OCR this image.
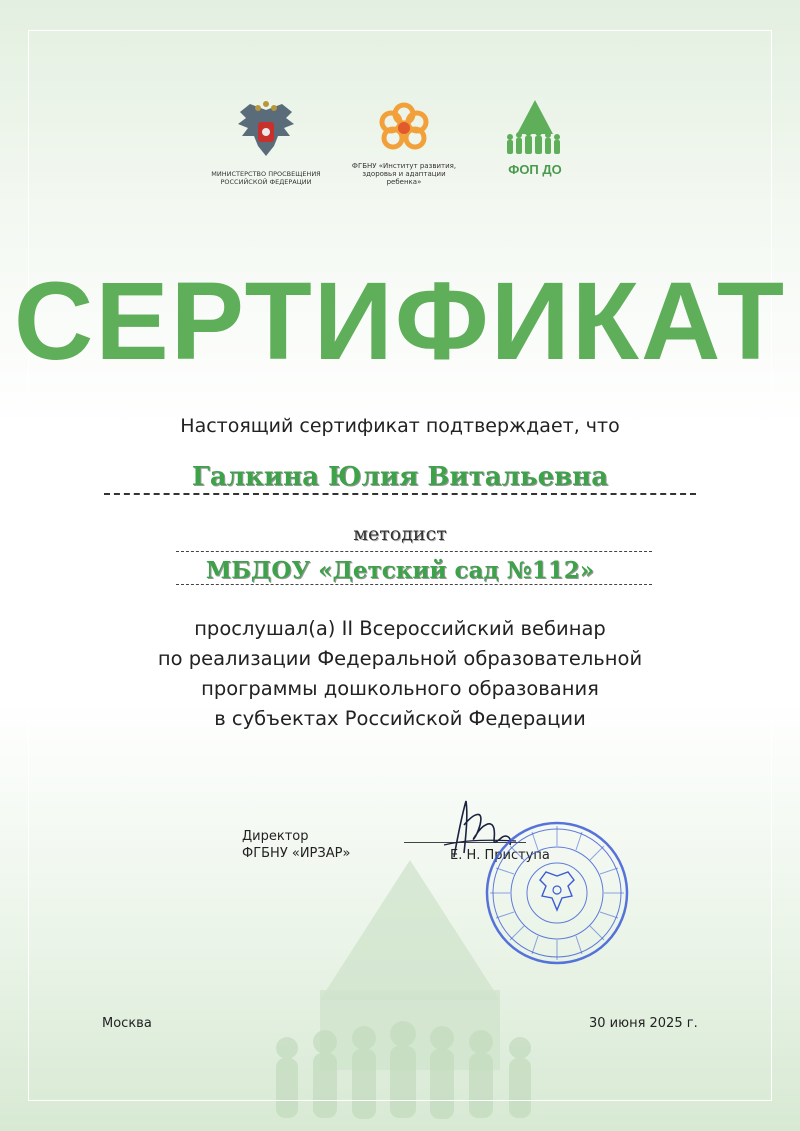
МИНИСТЕРСТВО ПРОСВЕЩЕНИЯ
РОССИЙСКОЙ ФЕДЕРАЦИИ
ФГБНУ «Институт развития,
здоровья и адаптации
ребенка»
ФОП ДО
СЕРТИФИКАТ
Настоящий сертификат подтверждает, что
Галкина Юлия Витальевна
методист
МБДОУ «Детский сад №112»
прослушал(а) II Всероссийский вебинар
по реализации Федеральной образовательной
программы дошкольного образования
в субъектах Российской Федерации
Директор
ФГБНУ «ИРЗАР»	Е. Н. Приступа
Москва	30 июня 2025 г.
